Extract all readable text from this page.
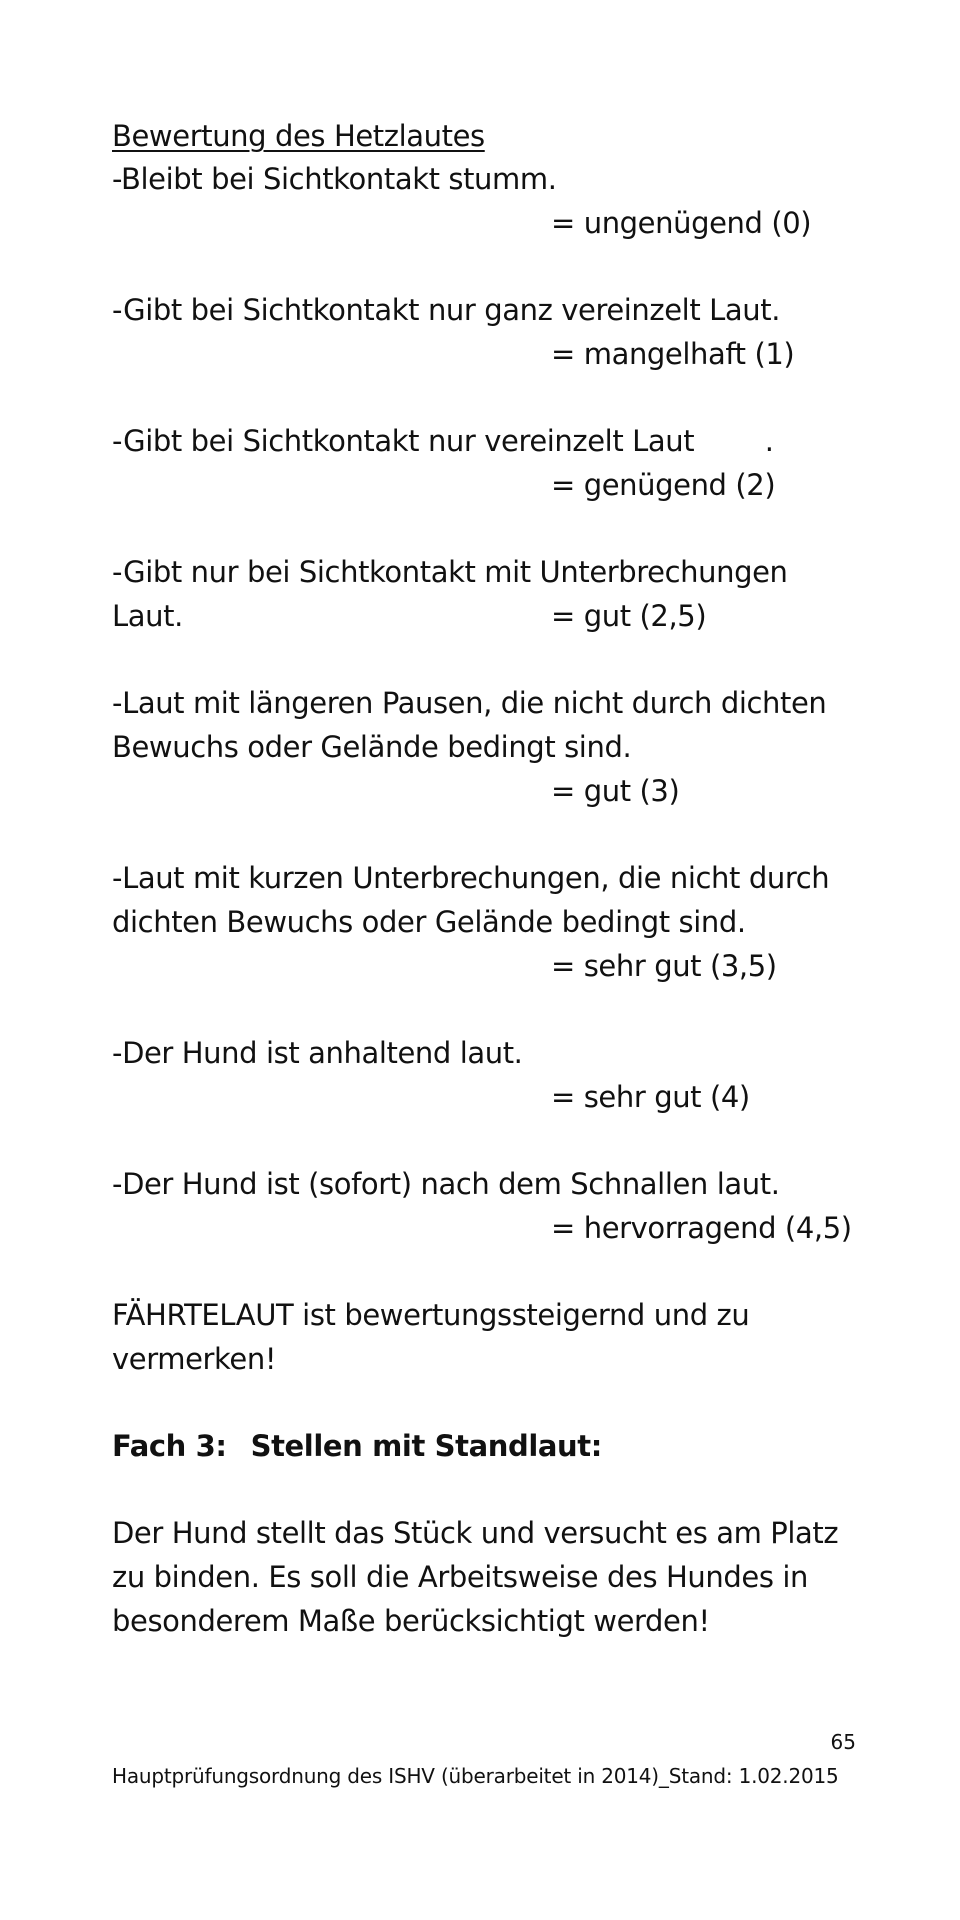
Bewertung des Hetzlautes
-Bleibt bei Sichtkontakt stumm.
= ungenügend (0)
-Gibt bei Sichtkontakt nur ganz vereinzelt Laut.
= mangelhaft (1)
-Gibt bei Sichtkontakt nur vereinzelt Laut        .
= genügend (2)
-Gibt nur bei Sichtkontakt mit Unterbrechungen
Laut.	= gut (2,5)
-Laut mit längeren Pausen, die nicht durch dichten
Bewuchs oder Gelände bedingt sind.
= gut (3)
-Laut mit kurzen Unterbrechungen, die nicht durch
dichten Bewuchs oder Gelände bedingt sind.
= sehr gut (3,5)
-Der Hund ist anhaltend laut.
= sehr gut (4)
-Der Hund ist (sofort) nach dem Schnallen laut.
= hervorragend (4,5)
FÄHRTELAUT ist bewertungssteigernd und zu
vermerken!
Fach 3: Stellen mit Standlaut:
Der Hund stellt das Stück und versucht es am Platz
zu binden. Es soll die Arbeitsweise des Hundes in
besonderem Maße berücksichtigt werden!
65
Hauptprüfungsordnung des ISHV (überarbeitet in 2014)_Stand: 1.02.2015
